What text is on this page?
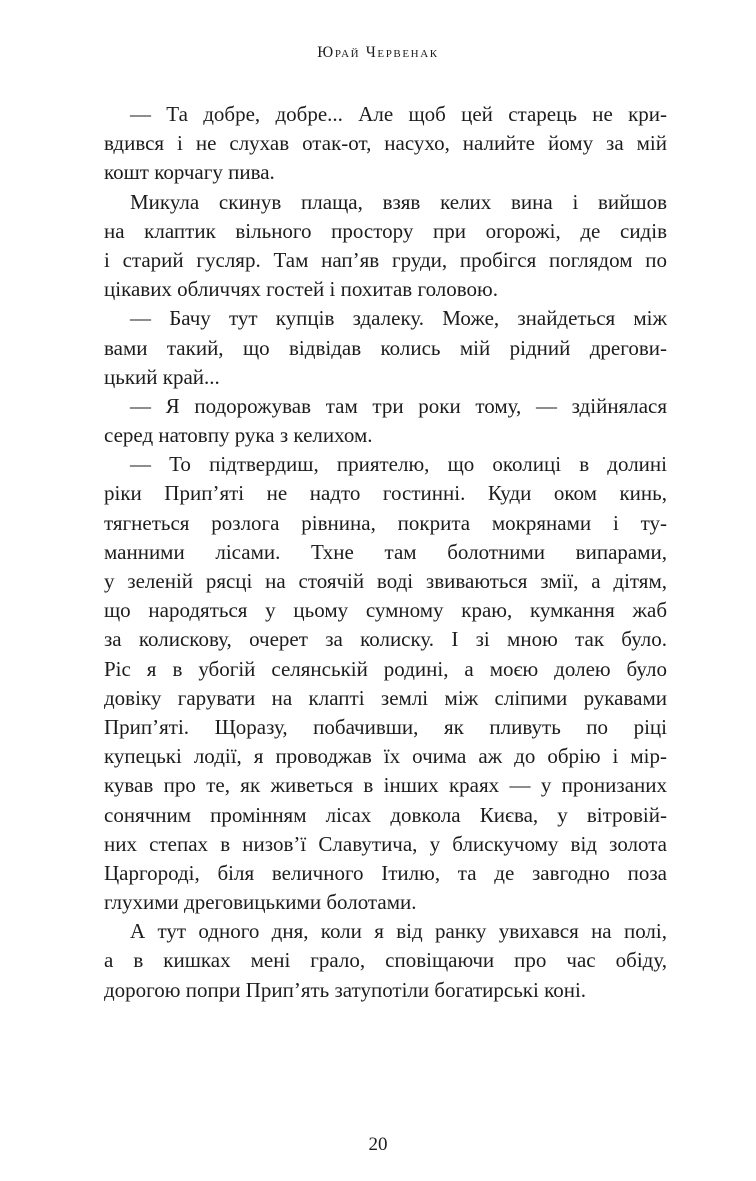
Юрай Червенак
— Та добре, добре... Але щоб цей старець не кри-
вдився і не слухав отак-от, насухо, налийте йому за мій
кошт корчагу пива.
Микула скинув плаща, взяв келих вина і вийшов
на клаптик вільного простору при огорожі, де сидів
і старий гусляр. Там нап’яв груди, пробігся поглядом по
цікавих обличчях гостей і похитав головою.
— Бачу тут купців здалеку. Може, знайдеться між
вами такий, що відвідав колись мій рідний дрегови-
цький край...
— Я подорожував там три роки тому, — здійнялася
серед натовпу рука з келихом.
— То підтвердиш, приятелю, що околиці в долині
ріки Прип’яті не надто гостинні. Куди оком кинь,
тягнеться розлога рівнина, покрита мокрянами і ту-
манними лісами. Тхне там болотними випарами,
у зеленій рясці на стоячій воді звиваються змії, а дітям,
що народяться у цьому сумному краю, кумкання жаб
за колискову, очерет за колиску. І зі мною так було.
Ріс я в убогій селянській родині, а моєю долею було
довіку гарувати на клапті землі між сліпими рукавами
Прип’яті. Щоразу, побачивши, як пливуть по ріці
купецькі лодії, я проводжав їх очима аж до обрію і мір-
кував про те, як живеться в інших краях — у пронизаних
сонячним промінням лісах довкола Києва, у вітровій-
них степах в низов’ї Славутича, у блискучому від золота
Царгороді, біля величного Ітилю, та де завгодно поза
глухими дреговицькими болотами.
А тут одного дня, коли я від ранку увихався на полі,
а в кишках мені грало, сповіщаючи про час обіду,
дорогою попри Прип’ять затупотіли богатирські коні.
20
